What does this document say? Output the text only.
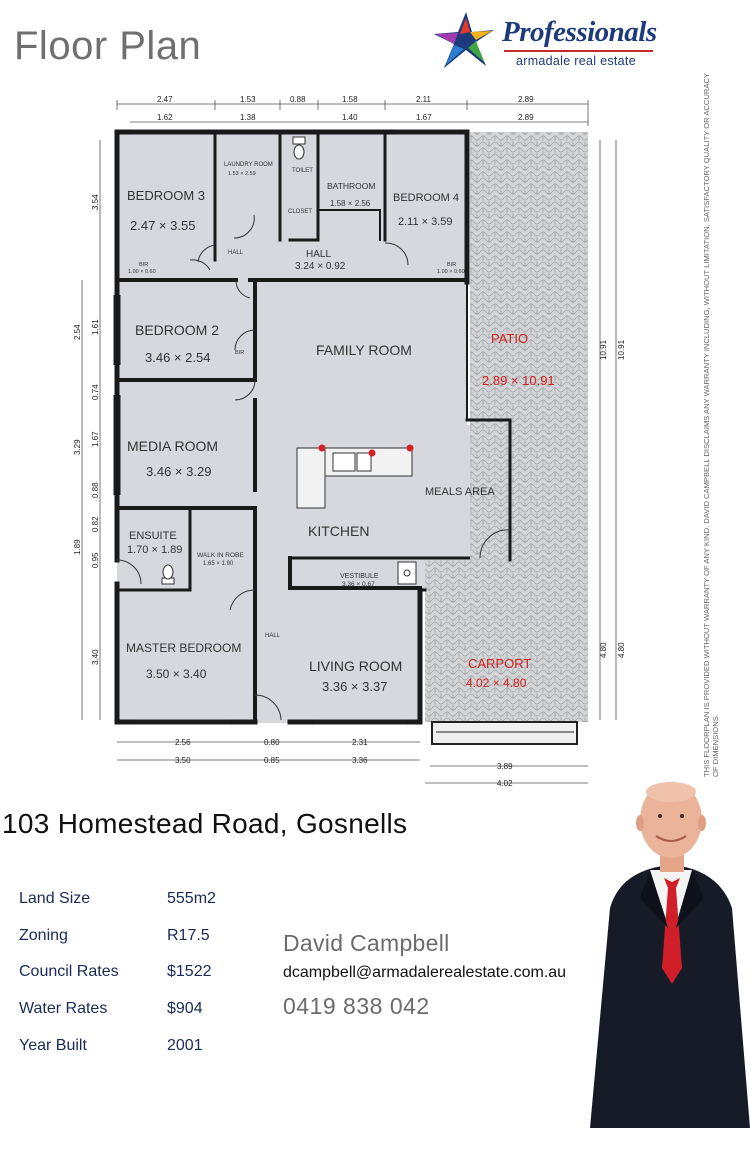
Floor Plan	Professionals
armadale real estate
THIS FLOORPLAN IS PROVIDED WITHOUT WARRANTY OF ANY KIND. DAVID CAMPBELL DISCLAIMS ANY WARRANTY INCLUDING, WITHOUT LIMITATION, SATISFACTORY QUALITY OR ACCURACY OF DIMENSIONS.
BEDROOM 3
2.47 × 3.55
LAUNDRY ROOM
1.53 × 2.59	TOILET
CLOSET
BATHROOM
1.58 × 2.56 BEDROOM 4
2.11 × 3.59
HALL
3.24 × 0.92
BEDROOM 2
3.46 × 2.54	FAMILY ROOM
PATIO
2.89 × 10.91
MEDIA ROOM
3.46 × 3.29
MEALS AREA
KITCHEN
ENSUITE
1.70 × 1.89 WALK IN ROBE
1.65 × 1.90
VESTIBULE
3.36 × 0.67
MASTER BEDROOM
3.50 × 3.40	LIVING ROOM
3.36 × 3.37
CARPORT
4.02 × 4.80
HALL
HALL
BIR
1.00 × 0.60
BIR
1.00 × 0.60
BIR
2.47	1.53	0.88	1.58	2.11	2.89
1.62	1.38	1.40	1.67	2.89
2.54
3.29
1.89
3.40
3.54
1.61
0.74
1.67
0.88
0.82
0.95
10.91 10.91
4.80 4.80
2.56	0.80	2.31
3.89
3.50	0.85	3.36
4.02
103 Homestead Road, Gosnells
Land Size	555m2
Zoning	R17.5
Council Rates	$1522
Water Rates	$904
Year Built	2001
David Campbell
dcampbell@armadalerealestate.com.au
0419 838 042
